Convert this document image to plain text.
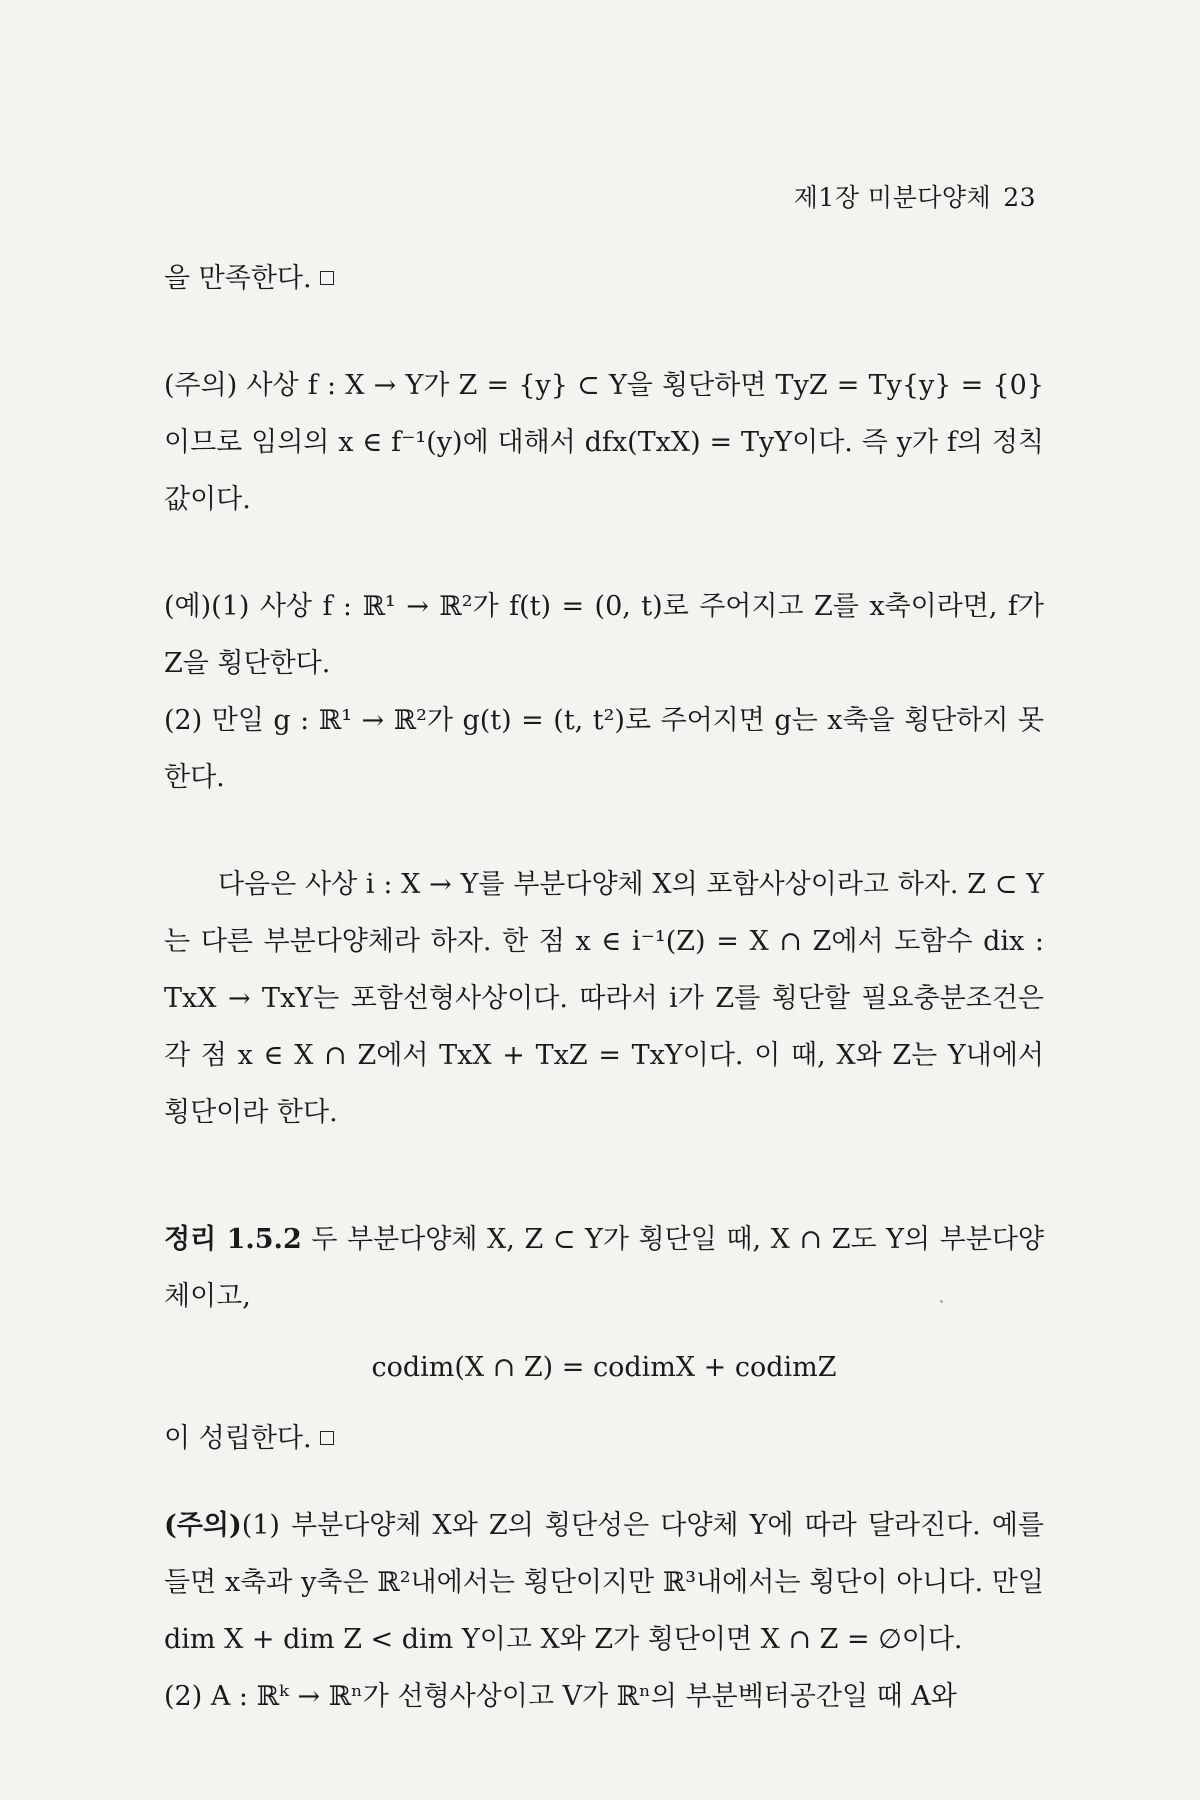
제1장 미분다양체 23

을 만족한다.

(주의) 사상 f : X → Y가 Z = {y} ⊂ Y을 횡단하면 TyZ = Ty{y} = {0}이므로 임의의 x ∈ f⁻¹(y)에 대해서 dfx(TxX) = TyY이다. 즉 y가 f의 정칙값이다.

(예)(1) 사상 f : ℝ¹ → ℝ²가 f(t) = (0, t)로 주어지고 Z를 x축이라면, f가 Z을 횡단한다.

(2) 만일 g : ℝ¹ → ℝ²가 g(t) = (t, t²)로 주어지면 g는 x축을 횡단하지 못한다.

다음은 사상 i : X → Y를 부분다양체 X의 포함사상이라고 하자. Z ⊂ Y는 다른 부분다양체라 하자. 한 점 x ∈ i⁻¹(Z) = X ∩ Z에서 도함수 dix : TxX → TxY는 포함선형사상이다. 따라서 i가 Z를 횡단할 필요충분조건은 각 점 x ∈ X ∩ Z에서 TxX + TxZ = TxY이다. 이 때, X와 Z는 Y내에서 횡단이라 한다.

정리 1.5.2 두 부분다양체 X, Z ⊂ Y가 횡단일 때, X ∩ Z도 Y의 부분다양체이고,

codim(X ∩ Z) = codimX + codimZ

이 성립한다.

(주의)(1) 부분다양체 X와 Z의 횡단성은 다양체 Y에 따라 달라진다. 예를 들면 x축과 y축은 ℝ²내에서는 횡단이지만 ℝ³내에서는 횡단이 아니다. 만일 dim X + dim Z < dim Y이고 X와 Z가 횡단이면 X ∩ Z = ∅이다.

(2) A : ℝᵏ → ℝⁿ가 선형사상이고 V가 ℝⁿ의 부분벡터공간일 때 A와
